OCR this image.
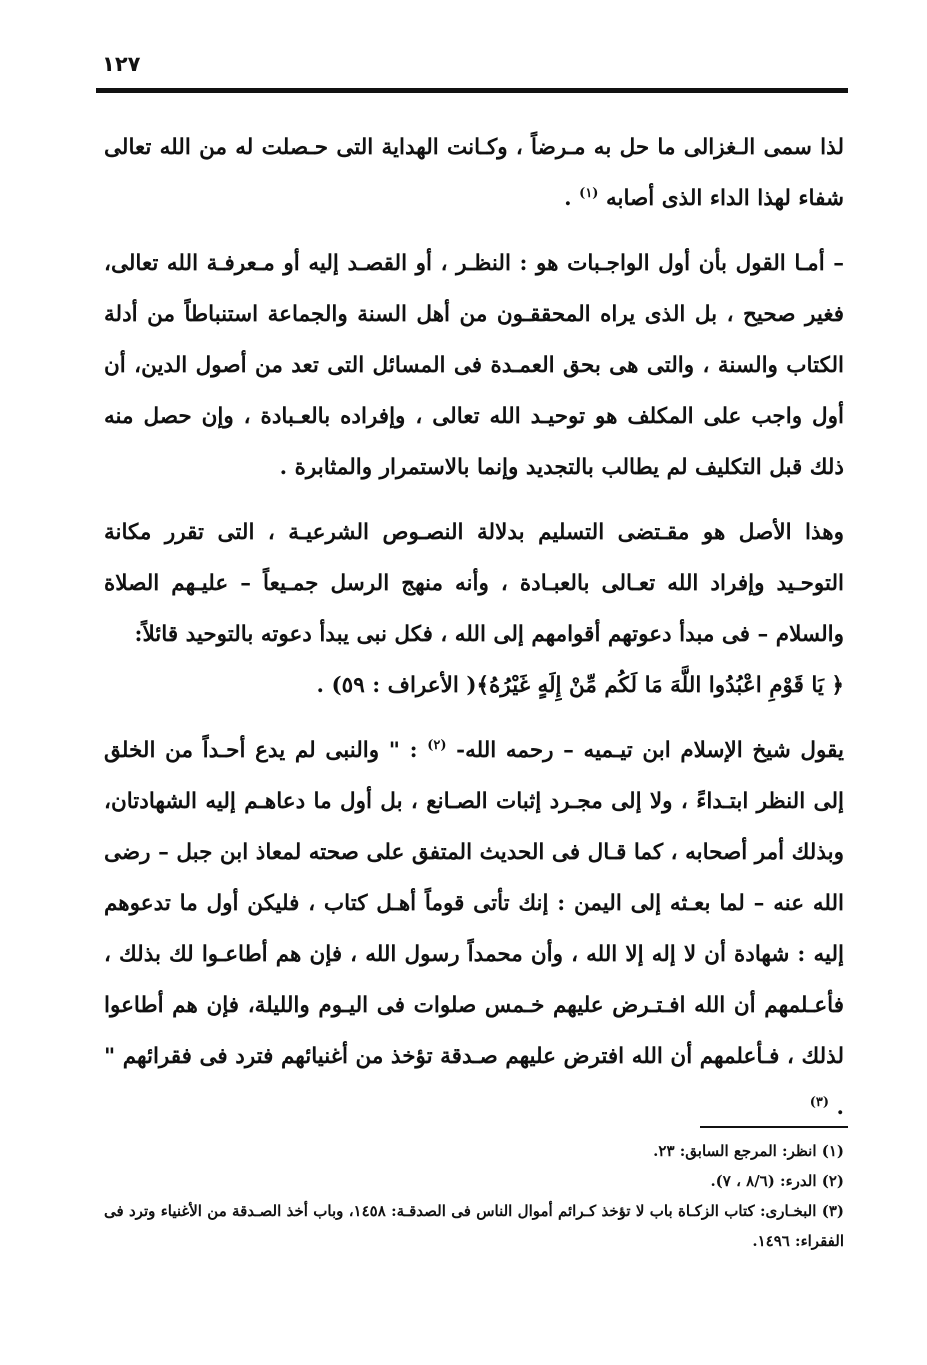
١٢٧

لذا سمى الـغزالى ما حل به مـرضاً ، وكـانت الهداية التى حـصلت له من الله تعالى شفاء لهذا الداء الذى أصابه $^{(١)}$ .

– أمـا القول بأن أول الواجـبات هو : النظـر ، أو القصـد إليه أو مـعرفـة الله تعالى، فغير صحيح ، بل الذى يراه المحققـون من أهل السنة والجماعة استنباطاً من أدلة الكتاب والسنة ، والتى هى بحق العمـدة فى المسائل التى تعد من أصول الدين، أن أول واجب على المكلف هو توحيـد الله تعالى ، وإفراده بالعـبادة ، وإن حصل منه ذلك قبل التكليف لم يطالب بالتجديد وإنما بالاستمرار والمثابرة .

وهذا الأصل هو مقـتضى التسليم بدلالة النصـوص الشرعيـة ، التى تقرر مكانة التوحـيد وإفراد الله تعـالى بالعبـادة ، وأنه منهج الرسل جمـيعاً – عليـهم الصلاة والسلام – فى مبدأ دعوتهم أقوامهم إلى الله ، فكل نبى يبدأ دعوته بالتوحيد قائلاً:
﴿ يَا قَوْمِ اعْبُدُوا اللَّهَ مَا لَكُم مِّنْ إِلَهٍ غَيْرُهُ﴾( الأعراف : ٥٩) .

يقول شيخ الإسلام ابن تيـميه – رحمه الله- $^{(٢)}$ : " والنبى لم يدع أحـداً من الخلق إلى النظر ابتـداءً ، ولا إلى مجـرد إثبات الصـانع ، بل أول ما دعاهـم إليه الشهادتان، وبذلك أمر أصحابه ، كما قـال فى الحديث المتفق على صحته لمعاذ ابن جبل – رضى الله عنه – لما بعـثه إلى اليمن : إنك تأتى قوماً أهـل كتاب ، فليكن أول ما تدعوهم إليه : شهادة أن لا إله إلا الله ، وأن محمداً رسول الله ، فإن هم أطاعـوا لك بذلك ، فأعـلمهم أن الله افـتـرض عليهم خـمس صلوات فى اليـوم والليلة، فإن هم أطاعوا لذلك ، فـأعلمهم أن الله افترض عليهم صـدقة تؤخذ من أغنيائهم فترد فى فقرائهم " . $^{(٣)}$

(١) انظر: المرجع السابق: ٢٣.
(٢) الدرء: (٨/٦ ، ٧).
(٣) البخـارى: كتاب الزكـاة باب لا تؤخذ كـرائم أموال الناس فى الصدقـة: ١٤٥٨، وباب أخذ الصـدقة من الأغنياء وترد فى الفقراء: ١٤٩٦.
